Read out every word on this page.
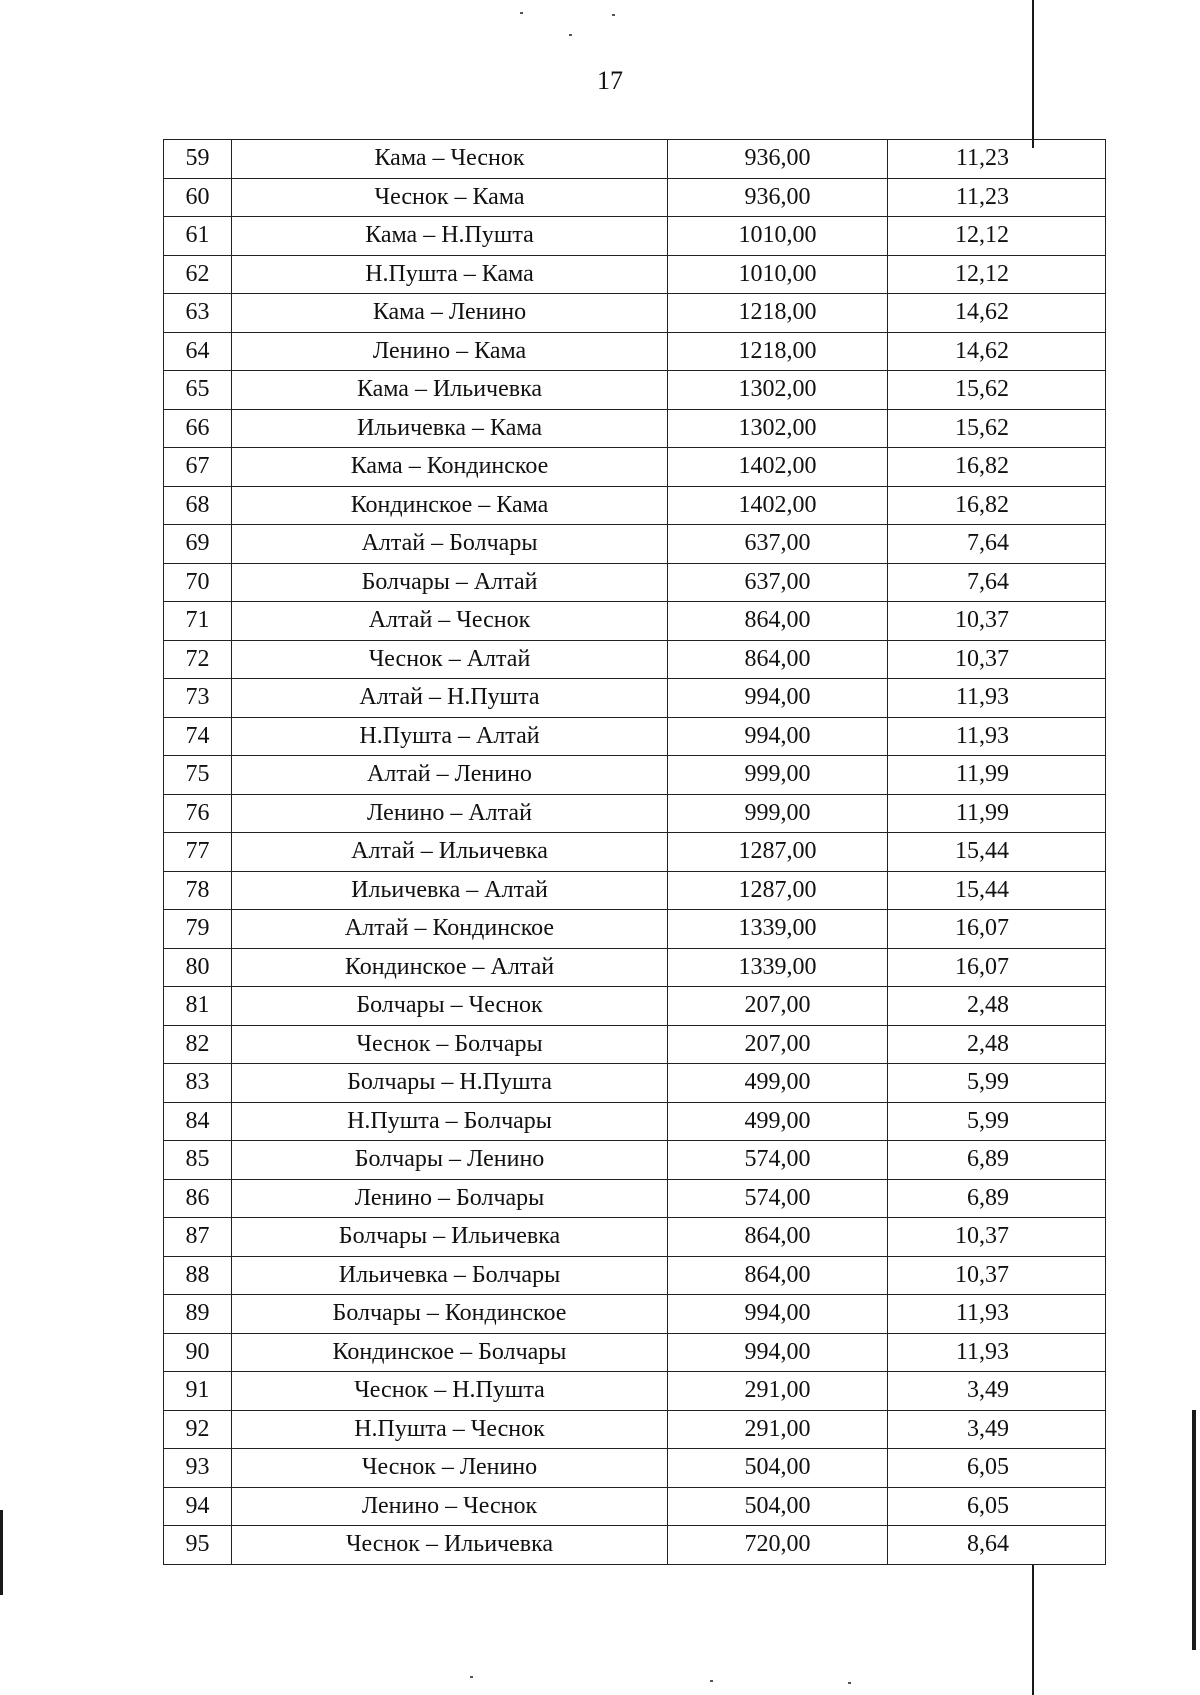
17
59	Кама – Чеснок	936,00	11,23
60	Чеснок – Кама	936,00	11,23
61	Кама – Н.Пушта	1010,00	12,12
62	Н.Пушта – Кама	1010,00	12,12
63	Кама – Ленино	1218,00	14,62
64	Ленино – Кама	1218,00	14,62
65	Кама – Ильичевка	1302,00	15,62
66	Ильичевка – Кама	1302,00	15,62
67	Кама – Кондинское	1402,00	16,82
68	Кондинское – Кама	1402,00	16,82
69	Алтай – Болчары	637,00	7,64
70	Болчары – Алтай	637,00	7,64
71	Алтай – Чеснок	864,00	10,37
72	Чеснок – Алтай	864,00	10,37
73	Алтай – Н.Пушта	994,00	11,93
74	Н.Пушта – Алтай	994,00	11,93
75	Алтай – Ленино	999,00	11,99
76	Ленино – Алтай	999,00	11,99
77	Алтай – Ильичевка	1287,00	15,44
78	Ильичевка – Алтай	1287,00	15,44
79	Алтай – Кондинское	1339,00	16,07
80	Кондинское – Алтай	1339,00	16,07
81	Болчары – Чеснок	207,00	2,48
82	Чеснок – Болчары	207,00	2,48
83	Болчары – Н.Пушта	499,00	5,99
84	Н.Пушта – Болчары	499,00	5,99
85	Болчары – Ленино	574,00	6,89
86	Ленино – Болчары	574,00	6,89
87	Болчары – Ильичевка	864,00	10,37
88	Ильичевка – Болчары	864,00	10,37
89	Болчары – Кондинское	994,00	11,93
90	Кондинское – Болчары	994,00	11,93
91	Чеснок – Н.Пушта	291,00	3,49
92	Н.Пушта – Чеснок	291,00	3,49
93	Чеснок – Ленино	504,00	6,05
94	Ленино – Чеснок	504,00	6,05
95	Чеснок – Ильичевка	720,00	8,64
